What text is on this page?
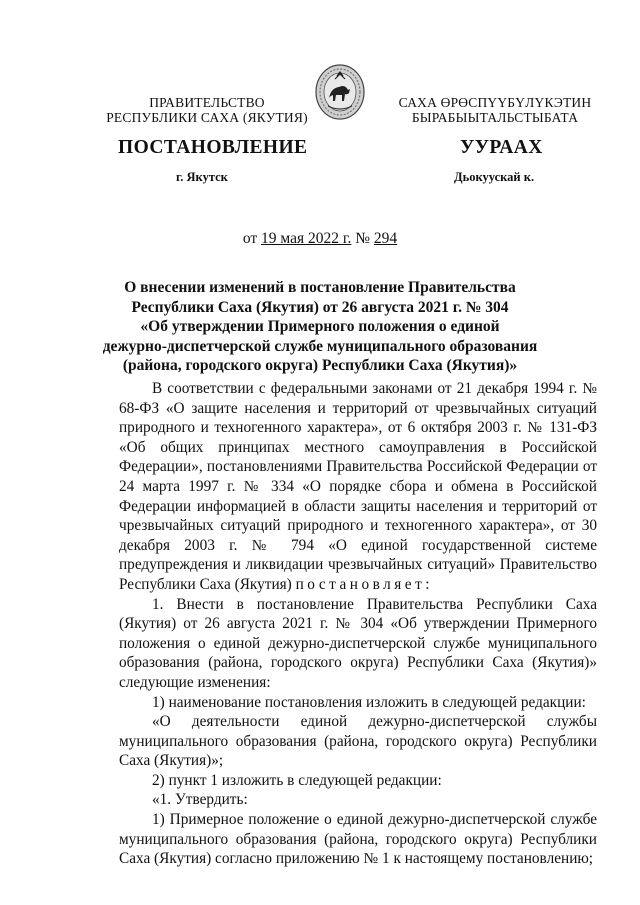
ПРАВИТЕЛЬСТВО
РЕСПУБЛИКИ САХА (ЯКУТИЯ)
САХА ӨРӨСПҮҮБҮЛҮКЭТИН
БЫРАБЫЫТАЛЬСТЫБАТА
ПОСТАНОВЛЕНИЕ	УУРААХ
г. Якутск	Дьокуускай к.
от 19 мая 2022 г. № 294
О внесении изменений в постановление Правительства
Республики Саха (Якутия) от 26 августа 2021 г. № 304
«Об утверждении Примерного положения о единой
дежурно-диспетчерской службе муниципального образования
(района, городского округа) Республики Саха (Якутия)»

В соответствии с федеральными законами от 21 декабря 1994 г. № 68-ФЗ «О защите населения и территорий от чрезвычайных ситуаций природного и техногенного характера», от 6 октября 2003 г. № 131-ФЗ «Об общих принципах местного самоуправления в Российской Федерации», постановлениями Правительства Российской Федерации от 24 марта 1997 г. № 334 «О порядке сбора и обмена в Российской Федерации информацией в области защиты населения и территорий от чрезвычайных ситуаций природного и техногенного характера», от 30 декабря 2003 г. № 794 «О единой государственной системе предупреждения и ликвидации чрезвычайных ситуаций» Правительство Республики Саха (Якутия) постановляет:

1. Внести в постановление Правительства Республики Саха (Якутия) от 26 августа 2021 г. № 304 «Об утверждении Примерного положения о единой дежурно-диспетчерской службе муниципального образования (района, городского округа) Республики Саха (Якутия)» следующие изменения:

1) наименование постановления изложить в следующей редакции:

«О деятельности единой дежурно-диспетчерской службы муниципального образования (района, городского округа) Республики Саха (Якутия)»;

2) пункт 1 изложить в следующей редакции:

«1. Утвердить:

1) Примерное положение о единой дежурно-диспетчерской службе муниципального образования (района, городского округа) Республики Саха (Якутия) согласно приложению № 1 к настоящему постановлению;
